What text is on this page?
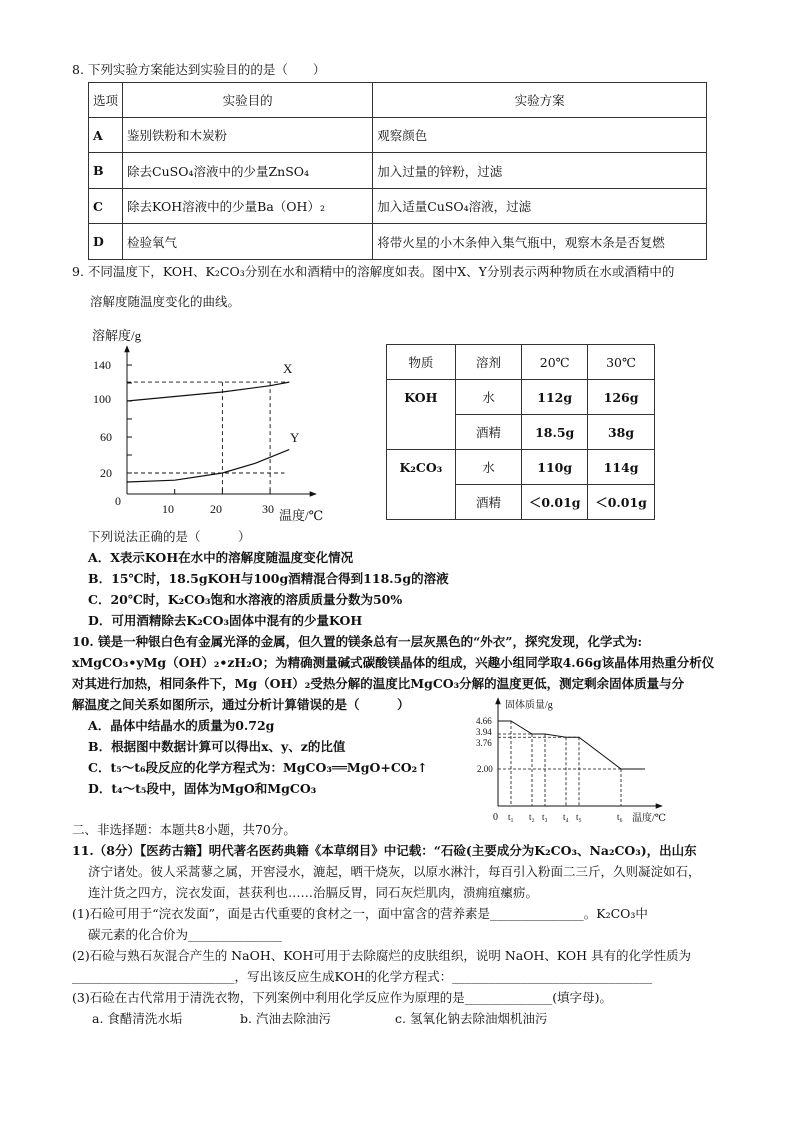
8. 下列实验方案能达到实验目的的是（　　）
选项	实验目的	实验方案
A	鉴别铁粉和木炭粉	观察颜色
B	除去CuSO₄溶液中的少量ZnSO₄	加入过量的锌粉，过滤
C	除去KOH溶液中的少量Ba（OH）₂	加入适量CuSO₄溶液，过滤
D	检验氧气	将带火星的小木条伸入集气瓶中，观察木条是否复燃
9. 不同温度下，KOH、K₂CO₃分别在水和酒精中的溶解度如表。图中X、Y分别表示两种物质在水或酒精中的
溶解度随温度变化的曲线。
溶解度/g
温度/℃
0
140
100
60
20
10	20	30
X
Y
固体质量/g
温度/℃
0
4.66
3.94
3.76
2.00
t₁ t₂ t₃ t₄ t₅	t₆
物质	溶剂	20℃	30℃
KOH	水	112g	126g
	酒精	18.5g	38g
K₂CO₃	水	110g	114g
	酒精	＜0.01g	＜0.01g
下列说法正确的是（　　　）
A．X表示KOH在水中的溶解度随温度变化情况
B．15℃时，18.5gKOH与100g酒精混合得到118.5g的溶液
C．20℃时，K₂CO₃饱和水溶液的溶质质量分数为50%
D．可用酒精除去K₂CO₃固体中混有的少量KOH
10. 镁是一种银白色有金属光泽的金属，但久置的镁条总有一层灰黑色的“外衣”，探究发现，化学式为:
xMgCO₃•yMg（OH）₂•zH₂O；为精确测量碱式碳酸镁晶体的组成，兴趣小组同学取4.66g该晶体用热重分析仪
对其进行加热，相同条件下，Mg（OH）₂受热分解的温度比MgCO₃分解的温度更低，测定剩余固体质量与分
解温度之间关系如图所示，通过分析计算错误的是（　　　）
A．晶体中结晶水的质量为0.72g
B．根据图中数据计算可以得出x、y、z的比值
C．t₅～t₆段反应的化学方程式为：MgCO₃══MgO+CO₂↑
D．t₄～t₅段中，固体为MgO和MgCO₃
二、非选择题：本题共8小题，共70分。
11.（8分）【医药古籍】明代著名医药典籍《本草纲目》中记载：“石硷(主要成分为K₂CO₃、Na₂CO₃)，出山东
济宁诸处。彼人采蒿蓼之属，开窖浸水，漉起，晒干烧灰，以原水淋汁，每百引入粉面二三斤，久则凝淀如石，
连汁货之四方，浣衣发面，甚获利也……治膈反胃，同石灰烂肌肉，溃痈疽瘰疬。
(1)石硷可用于“浣衣发面”，面是古代重要的食材之一，面中富含的营养素是_______________。K₂CO₃中
碳元素的化合价为_______________
(2)石硷与熟石灰混合产生的 NaOH、KOH可用于去除腐烂的皮肤组织，说明 NaOH、KOH 具有的化学性质为
__________________________，写出该反应生成KOH的化学方程式：________________________________
(3)石硷在古代常用于清洗衣物，下列案例中利用化学反应作为原理的是______________(填字母)。
a. 食醋清洗水垢	b. 汽油去除油污	c. 氢氧化钠去除油烟机油污
